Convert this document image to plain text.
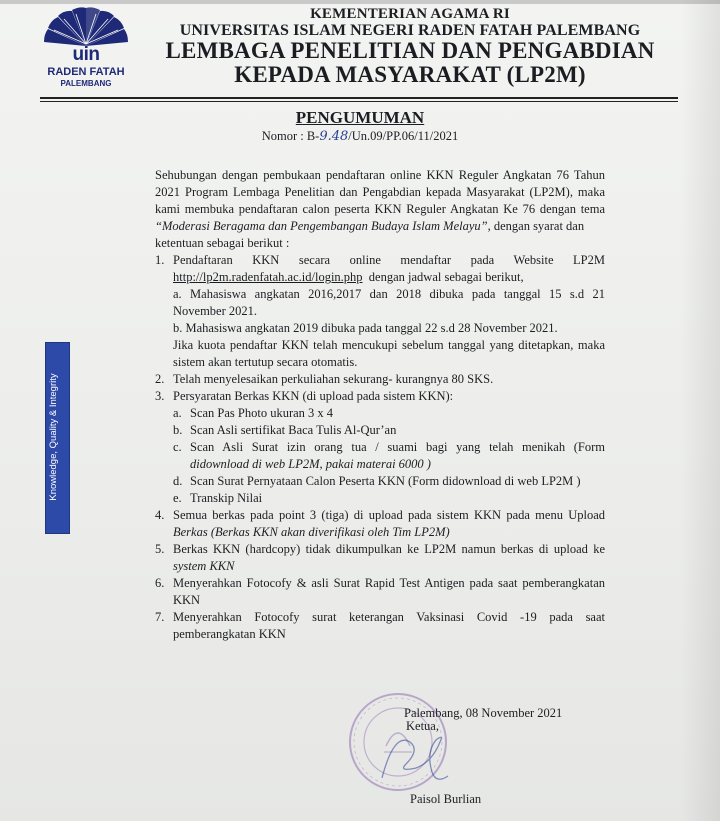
uin
RADEN FATAH
PALEMBANG
KEMENTERIAN AGAMA RI
UNIVERSITAS ISLAM NEGERI RADEN FATAH PALEMBANG
LEMBAGA PENELITIAN DAN PENGABDIAN
KEPADA MASYARAKAT (LP2M)
PENGUMUMAN
Nomor : B-9.48/Un.09/PP.06/11/2021
Sehubungan dengan pembukaan pendaftaran online KKN Reguler Angkatan 76 Tahun
2021 Program Lembaga Penelitian dan Pengabdian kepada Masyarakat (LP2M), maka
kami membuka pendaftaran calon peserta KKN Reguler Angkatan Ke 76 dengan tema
“Moderasi Beragama dan Pengembangan Budaya Islam Melayu”, dengan syarat dan
ketentuan sebagai berikut :
1. Pendaftaran KKN secara online mendaftar pada Website LP2M
http://lp2m.radenfatah.ac.id/login.php dengan jadwal sebagai berikut,
a. Mahasiswa angkatan 2016,2017 dan 2018 dibuka pada tanggal 15 s.d 21
November 2021.
b. Mahasiswa angkatan 2019 dibuka pada tanggal 22 s.d 28 November 2021.
Jika kuota pendaftar KKN telah mencukupi sebelum tanggal yang ditetapkan, maka
sistem akan tertutup secara otomatis.
2. Telah menyelesaikan perkuliahan sekurang- kurangnya 80 SKS.
3. Persyaratan Berkas KKN (di upload pada sistem KKN):
a. Scan Pas Photo ukuran 3 x 4
b. Scan Asli sertifikat Baca Tulis Al-Qur’an
c. Scan Asli Surat izin orang tua / suami bagi yang telah menikah (Form
didownload di web LP2M, pakai materai 6000 )
d. Scan Surat Pernyataan Calon Peserta KKN (Form didownload di web LP2M )
e. Transkip Nilai
4. Semua berkas pada point 3 (tiga) di upload pada sistem KKN pada menu Upload
Berkas (Berkas KKN akan diverifikasi oleh Tim LP2M)
5. Berkas KKN (hardcopy) tidak dikumpulkan ke LP2M namun berkas di upload ke
system KKN
6. Menyerahkan Fotocofy & asli Surat Rapid Test Antigen pada saat pemberangkatan
KKN
7. Menyerahkan Fotocofy surat keterangan Vaksinasi Covid -19 pada saat
pemberangkatan KKN
Knowledge, Quality & Integrity
Palembang, 08 November 2021
Ketua,
Paisol Burlian
